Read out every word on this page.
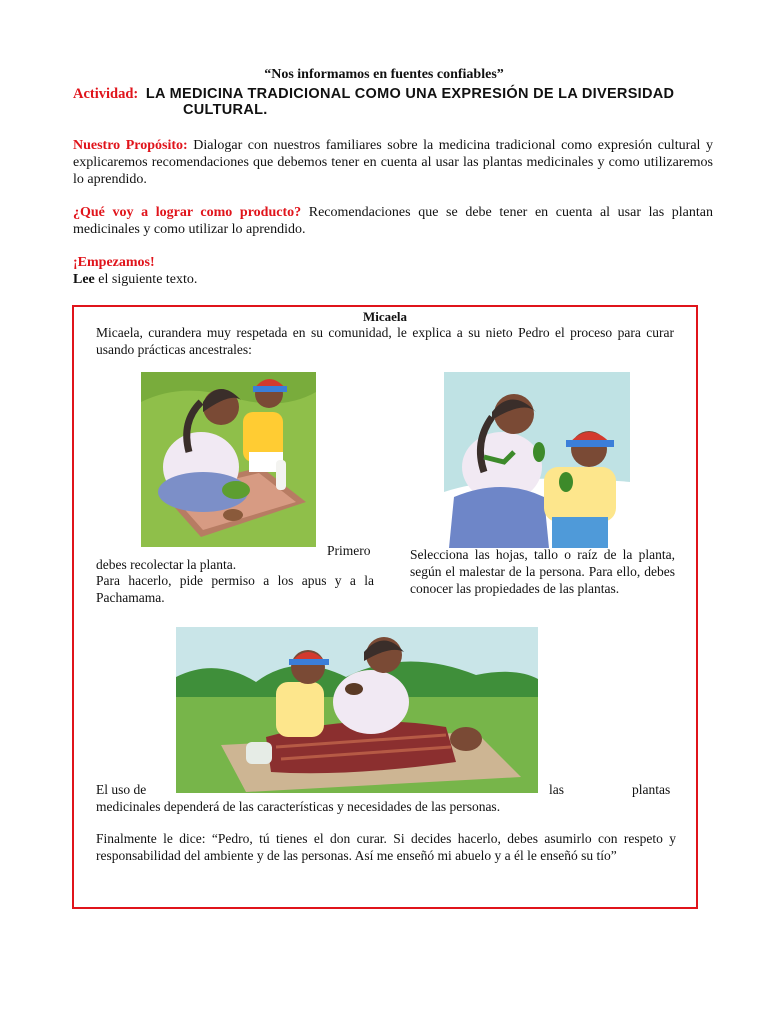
“Nos informamos en fuentes confiables”
Actividad: LA MEDICINA TRADICIONAL COMO UNA EXPRESIÓN DE LA DIVERSIDAD
CULTURAL.
Nuestro Propósito: Dialogar con nuestros familiares sobre la medicina tradicional como expresión cultural y explicaremos recomendaciones que debemos tener en cuenta al usar las plantas medicinales y como utilizaremos lo aprendido.
¿Qué voy a lograr como producto? Recomendaciones que se debe tener en cuenta al usar las plantan medicinales y como utilizar lo aprendido.
¡Empezamos!
Lee el siguiente texto.
Micaela
Micaela, curandera muy respetada en su comunidad, le explica a su nieto Pedro el proceso para curar usando prácticas ancestrales:
Primero
debes recolectar la planta.
Para hacerlo, pide permiso a los apus y a la Pachamama.
Selecciona las hojas, tallo o raíz de la planta, según el malestar de la persona. Para ello, debes conocer las propiedades de las plantas.
El uso de	las	plantas
medicinales dependerá de las características y necesidades de las personas.
Finalmente le dice: “Pedro, tú tienes el don curar. Si decides hacerlo, debes asumirlo con respeto y responsabilidad del ambiente y de las personas. Así me enseñó mi abuelo y a él le enseñó su tío”
